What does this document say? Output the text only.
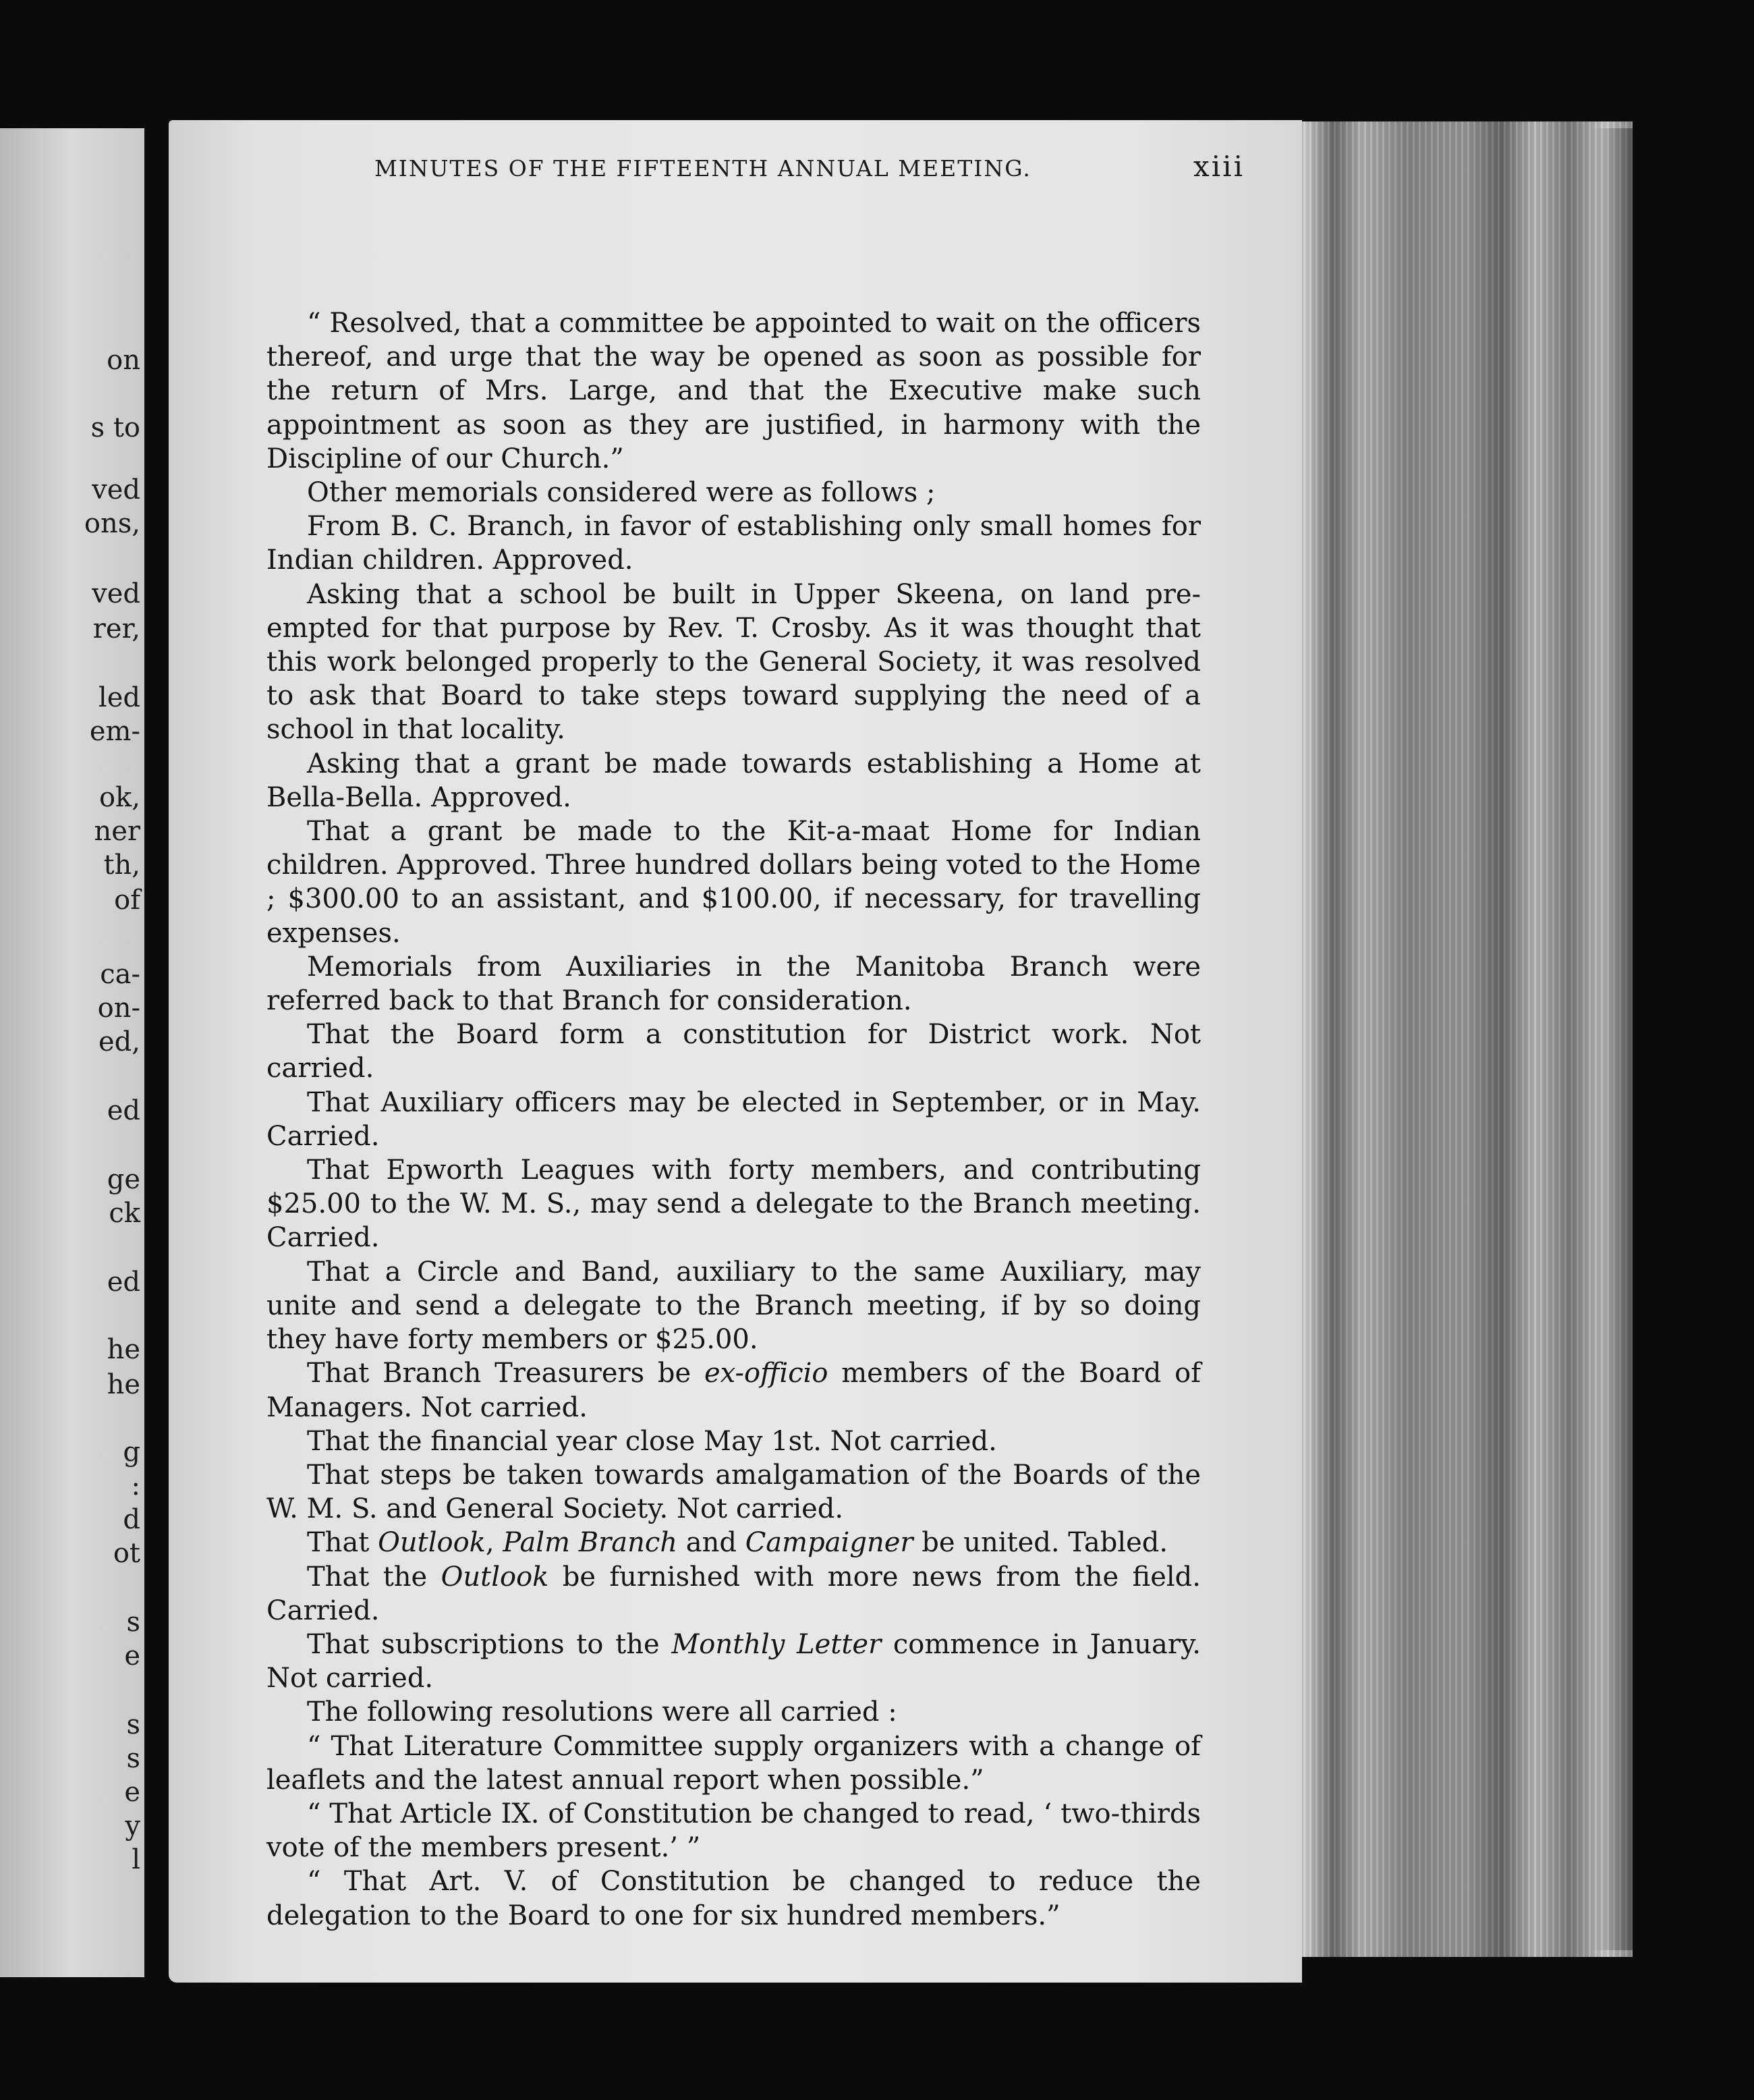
on
s to
ved
ons,
ved
rer,
led
em-
ok,
ner
th,
of
ca-
on-
ed,
ed
ge
ck
ed
he
he
g
:
d
ot
s
e
s
s
e
y
l
MINUTES OF THE FIFTEENTH ANNUAL MEETING.	xiii

“ Resolved, that a committee be appointed to wait on the officers thereof, and urge that the way be opened as soon as possible for the return of Mrs. Large, and that the Executive make such appointment as soon as they are justified, in harmony with the Discipline of our Church.”

Other memorials considered were as follows ;

From B. C. Branch, in favor of establishing only small homes for Indian children. Approved.

Asking that a school be built in Upper Skeena, on land pre-empted for that purpose by Rev. T. Crosby. As it was thought that this work belonged properly to the General Society, it was resolved to ask that Board to take steps toward supplying the need of a school in that locality.

Asking that a grant be made towards establishing a Home at Bella-Bella. Approved.

That a grant be made to the Kit-a-maat Home for Indian children. Approved. Three hundred dollars being voted to the Home ; $300.00 to an assistant, and $100.00, if necessary, for travelling expenses.

Memorials from Auxiliaries in the Manitoba Branch were referred back to that Branch for consideration.

That the Board form a constitution for District work. Not carried.

That Auxiliary officers may be elected in September, or in May. Carried.

That Epworth Leagues with forty members, and contributing $25.00 to the W. M. S., may send a delegate to the Branch meeting. Carried.

That a Circle and Band, auxiliary to the same Auxiliary, may unite and send a delegate to the Branch meeting, if by so doing they have forty members or $25.00.

That Branch Treasurers be ex-officio members of the Board of Managers. Not carried.

That the financial year close May 1st. Not carried.

That steps be taken towards amalgamation of the Boards of the W. M. S. and General Society. Not carried.

That Outlook, Palm Branch and Campaigner be united. Tabled.

That the Outlook be furnished with more news from the field. Carried.

That subscriptions to the Monthly Letter commence in January. Not carried.

The following resolutions were all carried :

“ That Literature Committee supply organizers with a change of leaflets and the latest annual report when possible.”

“ That Article IX. of Constitution be changed to read, ‘ two-thirds vote of the members present.’ ”

“ That Art. V. of Constitution be changed to reduce the delegation to the Board to one for six hundred members.”
